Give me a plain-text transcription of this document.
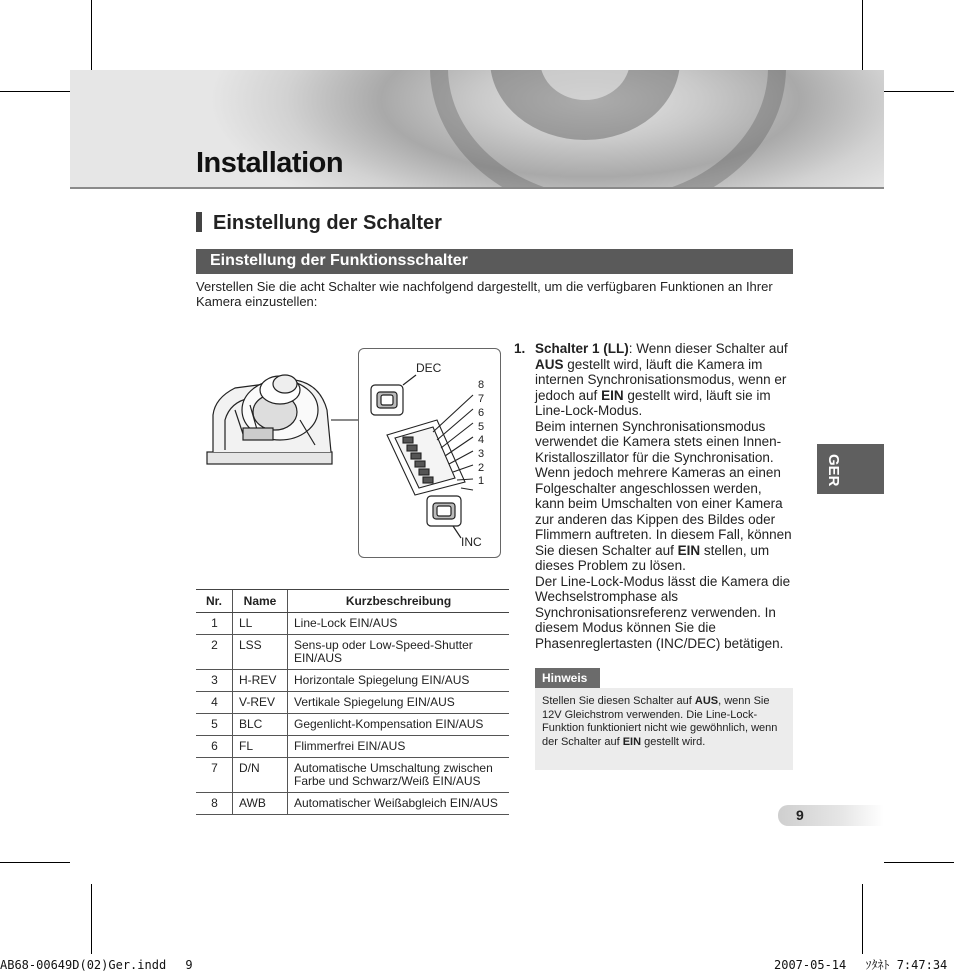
Installation
Einstellung der Schalter
Einstellung der Funktionsschalter

Verstellen Sie die acht Schalter wie nachfolgend dargestellt, um die verfügbaren Funktionen an Ihrer Kamera einzustellen:

DEC
INC
8
7
6
5
4
3
2
1
Nr.	Name	Kurzbeschreibung
1	LL	Line-Lock EIN/AUS
2	LSS	Sens-up oder Low-Speed-Shutter EIN/AUS
3	H-REV	Horizontale Spiegelung EIN/AUS
4	V-REV	Vertikale Spiegelung EIN/AUS
5	BLC	Gegenlicht-Kompensation EIN/AUS
6	FL	Flimmerfrei EIN/AUS
7	D/N	Automatische Umschaltung zwischen Farbe und Schwarz/Weiß EIN/AUS
8	AWB	Automatischer Weißabgleich EIN/AUS
1. Schalter 1 (LL): Wenn dieser Schalter auf AUS gestellt wird, läuft die Kamera im internen Synchronisationsmodus, wenn er jedoch auf EIN gestellt wird, läuft sie im Line-Lock-Modus.
Beim internen Synchronisationsmodus verwendet die Kamera stets einen Innen-Kristalloszillator für die Synchronisation. Wenn jedoch mehrere Kameras an einen Folgeschalter angeschlossen werden, kann beim Umschalten von einer Kamera zur anderen das Kippen des Bildes oder Flimmern auftreten. In diesem Fall, können Sie diesen Schalter auf EIN stellen, um dieses Problem zu lösen.
Der Line-Lock-Modus lässt die Kamera die Wechselstromphase als Synchronisationsreferenz verwenden. In diesem Modus können Sie die Phasenreglertasten (INC/DEC) betätigen.
Hinweis

Stellen Sie diesen Schalter auf AUS, wenn Sie 12V Gleichstrom verwenden. Die Line-Lock-Funktion funktioniert nicht wie gewöhnlich, wenn der Schalter auf EIN gestellt wird.

GER
9
AB68-00649D(02)Ger.indd　 9	2007-05-14　 ｿﾀﾈﾄ 7:47:34
